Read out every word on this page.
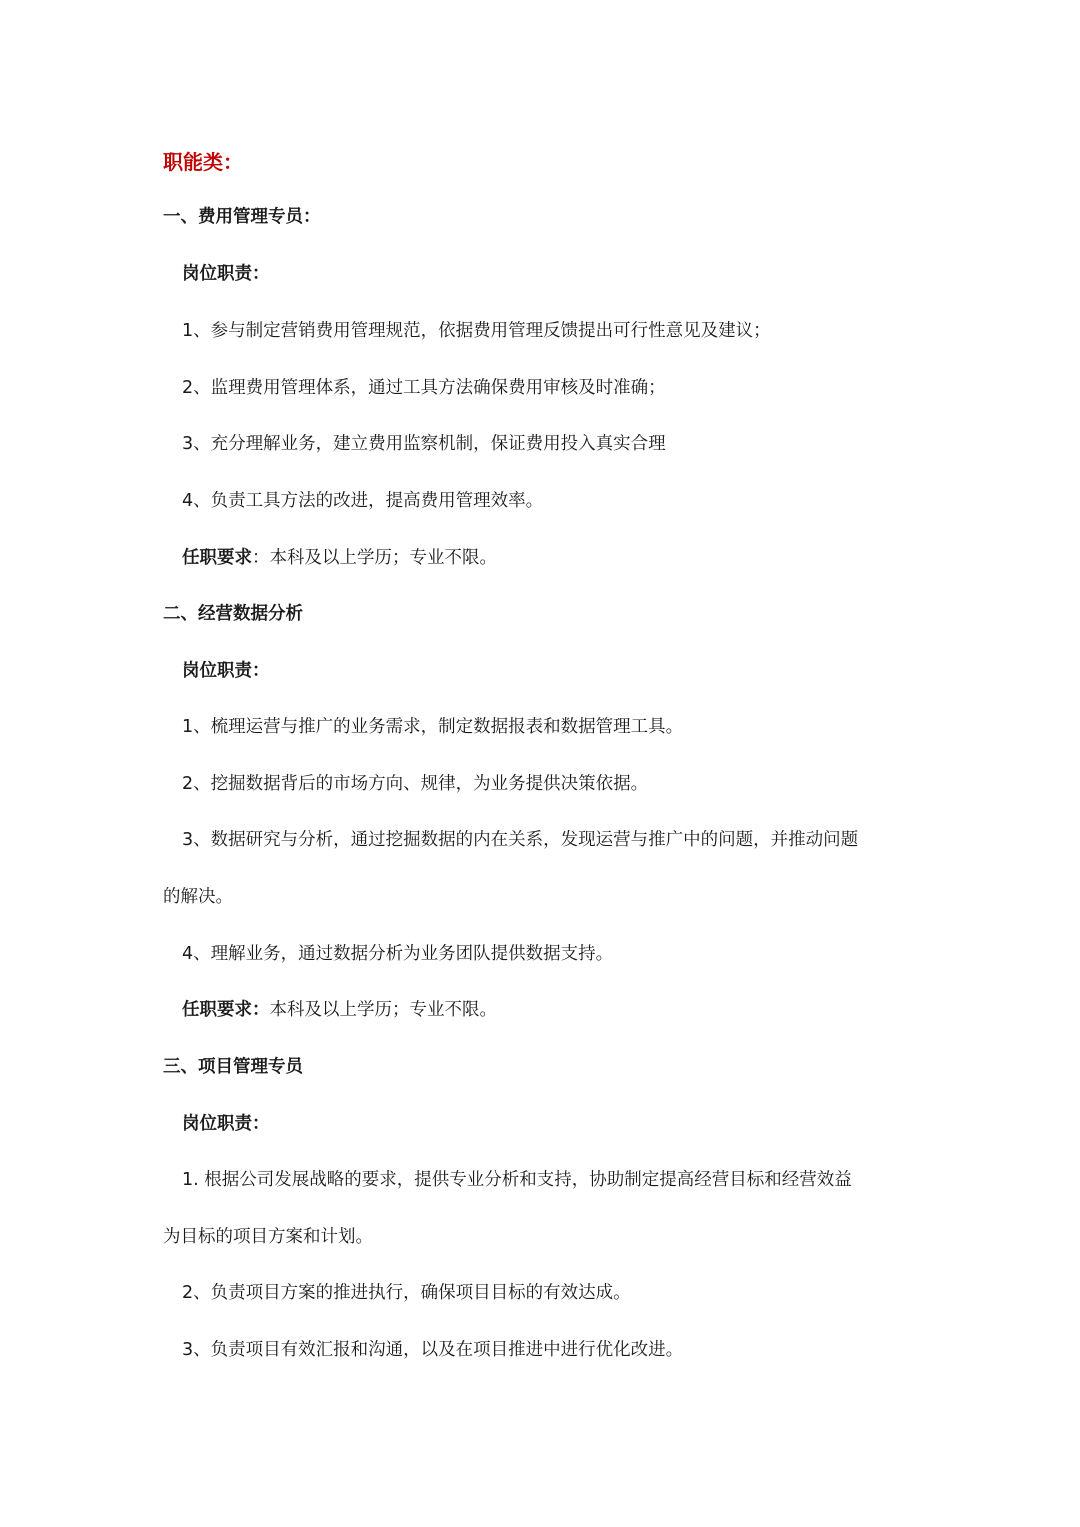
职能类：
一、费用管理专员：
岗位职责：
1、参与制定营销费用管理规范，依据费用管理反馈提出可行性意见及建议；
2、监理费用管理体系，通过工具方法确保费用审核及时准确；
3、充分理解业务，建立费用监察机制，保证费用投入真实合理
4、负责工具方法的改进，提高费用管理效率。
任职要求：本科及以上学历；专业不限。
二、经营数据分析
岗位职责：
1、梳理运营与推广的业务需求，制定数据报表和数据管理工具。
2、挖掘数据背后的市场方向、规律，为业务提供决策依据。
3、数据研究与分析，通过挖掘数据的内在关系，发现运营与推广中的问题，并推动问题
的解决。
4、理解业务，通过数据分析为业务团队提供数据支持。
任职要求：本科及以上学历；专业不限。
三、项目管理专员
岗位职责：
1. 根据公司发展战略的要求，提供专业分析和支持，协助制定提高经营目标和经营效益
为目标的项目方案和计划。
2、负责项目方案的推进执行，确保项目目标的有效达成。
3、负责项目有效汇报和沟通，以及在项目推进中进行优化改进。
